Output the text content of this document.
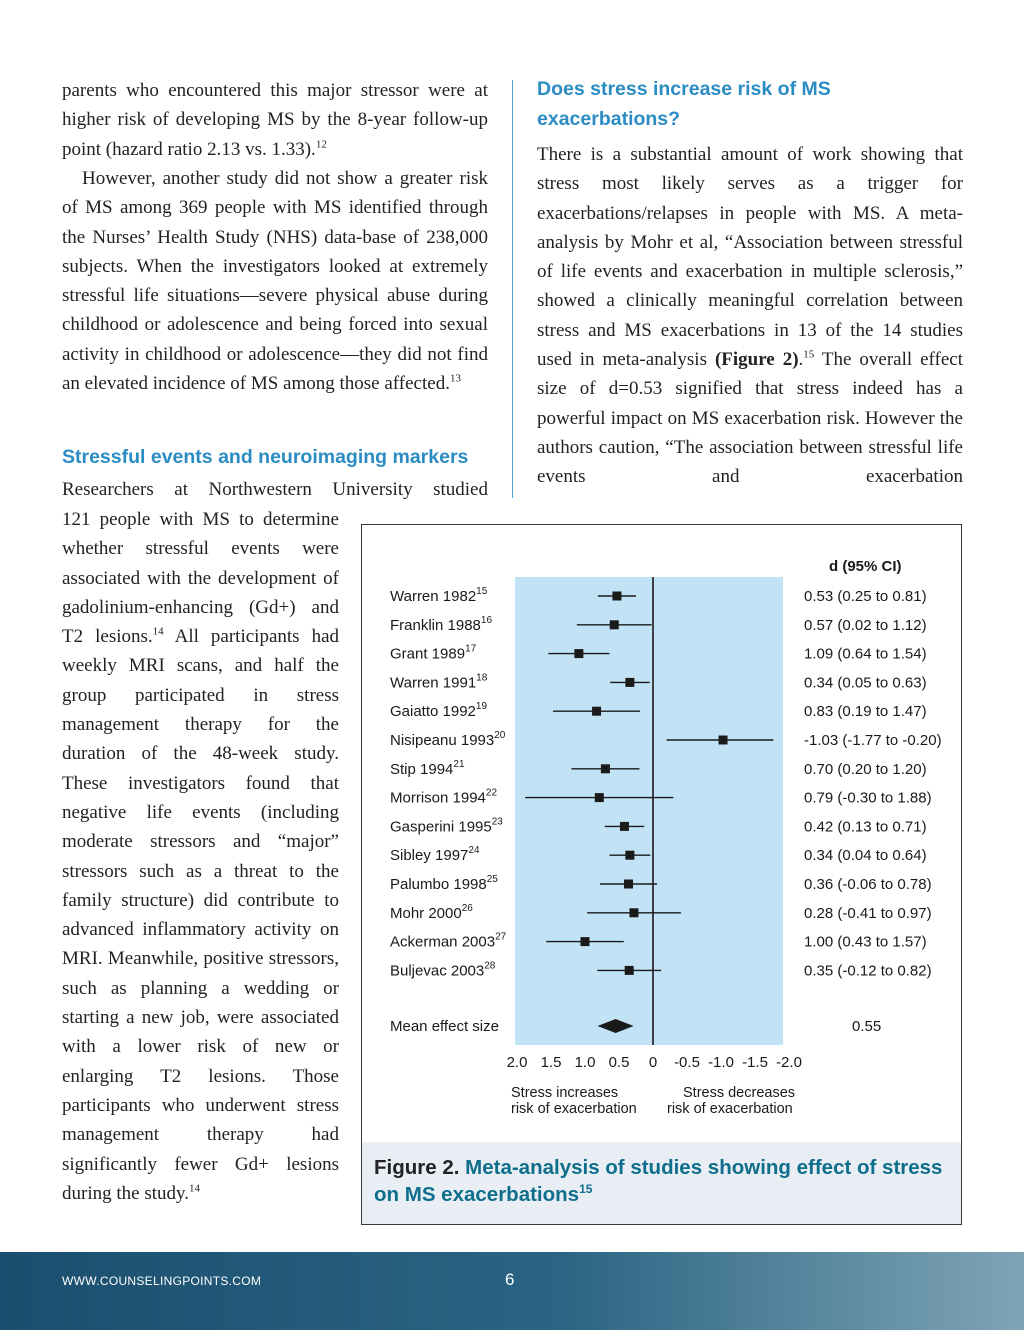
parents who encountered this major stressor were at higher risk of developing MS by the 8-year follow-up point (hazard ratio 2.13 vs. 1.33).$^{12}$

However, another study did not show a greater risk of MS among 369 people with MS identified through the Nurses’ Health Study (NHS) data-base of 238,000 subjects. When the investigators looked at extremely stressful life situations—severe physical abuse during childhood or adolescence and being forced into sexual activity in childhood or adolescence—they did not find an elevated incidence of MS among those affected.$^{13}$

Stressful events and neuroimaging markers

Researchers at Northwestern University studied

121 people with MS to determine whether stressful events were associated with the development of gadolinium-enhancing (Gd+) and T2 lesions.$^{14}$ All participants had weekly MRI scans, and half the group participated in stress management therapy for the duration of the 48-week study. These investigators found that negative life events (including moderate stressors and “major” stressors such as a threat to the family structure) did contribute to advanced inflammatory activity on MRI. Meanwhile, positive stressors, such as planning a wedding or starting a new job, were associated with a lower risk of new or enlarging T2 lesions. Those participants who underwent stress management therapy had significantly fewer Gd+ lesions during the study.$^{14}$

Does stress increase risk of MS exacerbations?

There is a substantial amount of work showing that stress most likely serves as a trigger for exacerbations/relapses in people with MS. A meta-analysis by Mohr et al, “Association between stressful of life events and exacerbation in multiple sclerosis,” showed a clinically meaningful correlation between stress and MS exacerbations in 13 of the 14 studies used in meta-analysis (Figure 2).$^{15}$ The overall effect size of d=0.53 signified that stress indeed has a powerful impact on MS exacerbation risk. However the authors caution, “The association between stressful life events and exacerbation

d (95% CI)
Warren 1982$^{15}$	0.53 (0.25 to 0.81)
Franklin 1988$^{16}$	0.57 (0.02 to 1.12)
Grant 1989$^{17}$	1.09 (0.64 to 1.54)
Warren 1991$^{18}$	0.34 (0.05 to 0.63)
Gaiatto 1992$^{19}$	0.83 (0.19 to 1.47)
Nisipeanu 1993$^{20}$	-1.03 (-1.77 to -0.20)
Stip 1994$^{21}$	0.70 (0.20 to 1.20)
Morrison 1994$^{22}$	0.79 (-0.30 to 1.88)
Gasperini 1995$^{23}$	0.42 (0.13 to 0.71)
Sibley 1997$^{24}$	0.34 (0.04 to 0.64)
Palumbo 1998$^{25}$	0.36 (-0.06 to 0.78)
Mohr 2000$^{26}$	0.28 (-0.41 to 0.97)
Ackerman 2003$^{27}$	1.00 (0.43 to 1.57)
Buljevac 2003$^{28}$	0.35 (-0.12 to 0.82)
Mean effect size	0.55
2.0 1.5 1.0 0.5 0 -0.5 -1.0 -1.5 -2.0
Stress increases
risk of exacerbation
Stress decreases
risk of exacerbation
Figure 2. Meta-analysis of studies showing effect of stress on MS exacerbations$^{15}$
WWW.COUNSELINGPOINTS.COM	6
